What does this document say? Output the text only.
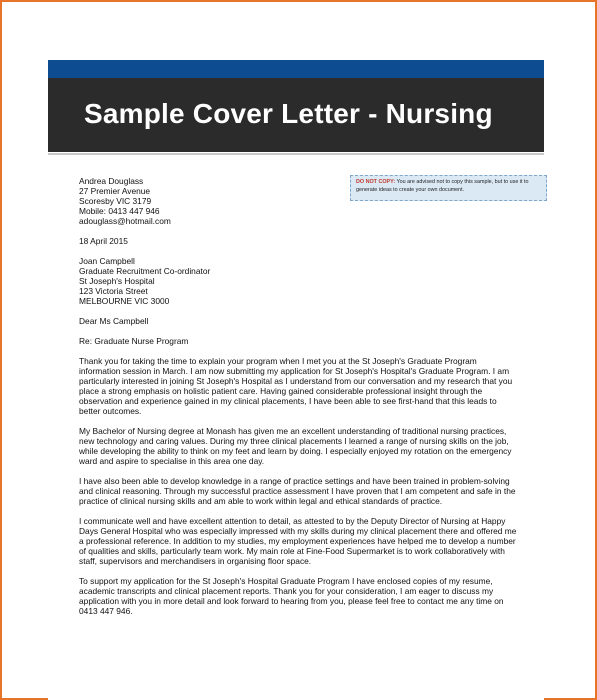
Sample Cover Letter - Nursing
DO NOT COPY: You are advised not to copy this sample, but to use it to generate ideas to create your own document.
Andrea Douglass
27 Premier Avenue
Scoresby VIC 3179
Mobile: 0413 447 946
adouglass@hotmail.com
18 April 2015
Joan Campbell
Graduate Recruitment Co-ordinator
St Joseph's Hospital
123 Victoria Street
MELBOURNE VIC 3000
Dear Ms Campbell
Re: Graduate Nurse Program

Thank you for taking the time to explain your program when I met you at the St Joseph's Graduate Program information session in March. I am now submitting my application for St Joseph's Hospital's Graduate Program. I am particularly interested in joining St Joseph's Hospital as I understand from our conversation and my research that you place a strong emphasis on holistic patient care. Having gained considerable professional insight through the observation and experience gained in my clinical placements, I have been able to see first-hand that this leads to better outcomes.

My Bachelor of Nursing degree at Monash has given me an excellent understanding of traditional nursing practices, new technology and caring values. During my three clinical placements I learned a range of nursing skills on the job, while developing the ability to think on my feet and learn by doing. I especially enjoyed my rotation on the emergency ward and aspire to specialise in this area one day.

I have also been able to develop knowledge in a range of practice settings and have been trained in problem-solving and clinical reasoning. Through my successful practice assessment I have proven that I am competent and safe in the practice of clinical nursing skills and am able to work within legal and ethical standards of practice.

I communicate well and have excellent attention to detail, as attested to by the Deputy Director of Nursing at Happy Days General Hospital who was especially impressed with my skills during my clinical placement there and offered me a professional reference. In addition to my studies, my employment experiences have helped me to develop a number of qualities and skills, particularly team work. My main role at Fine-Food Supermarket is to work collaboratively with staff, supervisors and merchandisers in organising floor space.

To support my application for the St Joseph's Hospital Graduate Program I have enclosed copies of my resume, academic transcripts and clinical placement reports. Thank you for your consideration, I am eager to discuss my application with you in more detail and look forward to hearing from you, please feel free to contact me any time on 0413 447 946.
